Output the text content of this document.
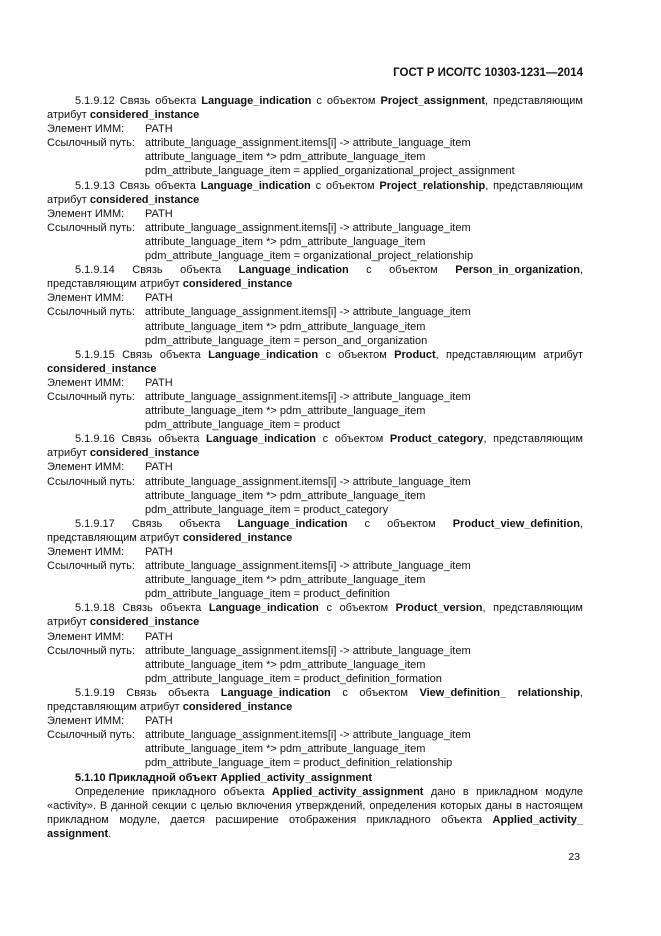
ГОСТ Р ИСО/ТС 10303-1231—2014
5.1.9.12 Связь объекта Language_indication с объектом Project_assignment, представляющим атрибут considered_instance
Элемент ИММ:	PATH
Ссылочный путь: attribute_language_assignment.items[i] -> attribute_language_item
attribute_language_item *> pdm_attribute_language_item
pdm_attribute_language_item = applied_organizational_project_assignment
5.1.9.13 Связь объекта Language_indication с объектом Project_relationship, представляющим атрибут considered_instance
Элемент ИММ:	PATH
Ссылочный путь: attribute_language_assignment.items[i] -> attribute_language_item
attribute_language_item *> pdm_attribute_language_item
pdm_attribute_language_item = organizational_project_relationship
5.1.9.14 Связь объекта Language_indication с объектом Person_in_organization, представляющим атрибут considered_instance
Элемент ИММ:	PATH
Ссылочный путь: attribute_language_assignment.items[i] -> attribute_language_item
attribute_language_item *> pdm_attribute_language_item
pdm_attribute_language_item = person_and_organization
5.1.9.15 Связь объекта Language_indication с объектом Product, представляющим атрибут considered_instance
Элемент ИММ:	PATH
Ссылочный путь: attribute_language_assignment.items[i] -> attribute_language_item
attribute_language_item *> pdm_attribute_language_item
pdm_attribute_language_item = product
5.1.9.16 Связь объекта Language_indication с объектом Product_category, представляющим атрибут considered_instance
Элемент ИММ:	PATH
Ссылочный путь: attribute_language_assignment.items[i] -> attribute_language_item
attribute_language_item *> pdm_attribute_language_item
pdm_attribute_language_item = product_category
5.1.9.17 Связь объекта Language_indication с объектом Product_view_definition, представляющим атрибут considered_instance
Элемент ИММ:	PATH
Ссылочный путь: attribute_language_assignment.items[i] -> attribute_language_item
attribute_language_item *> pdm_attribute_language_item
pdm_attribute_language_item = product_definition
5.1.9.18 Связь объекта Language_indication с объектом Product_version, представляющим атрибут considered_instance
Элемент ИММ:	PATH
Ссылочный путь: attribute_language_assignment.items[i] -> attribute_language_item
attribute_language_item *> pdm_attribute_language_item
pdm_attribute_language_item = product_definition_formation
5.1.9.19 Связь объекта Language_indication с объектом View_definition_ relationship, представляющим атрибут considered_instance
Элемент ИММ:	PATH
Ссылочный путь: attribute_language_assignment.items[i] -> attribute_language_item
attribute_language_item *> pdm_attribute_language_item
pdm_attribute_language_item = product_definition_relationship
5.1.10 Прикладной объект Applied_activity_assignment
Определение прикладного объекта Applied_activity_assignment дано в прикладном модуле «activity». В данной секции с целью включения утверждений, определения которых даны в настоящем прикладном модуле, дается расширение отображения прикладного объекта Applied_activity_ assignment.
23
